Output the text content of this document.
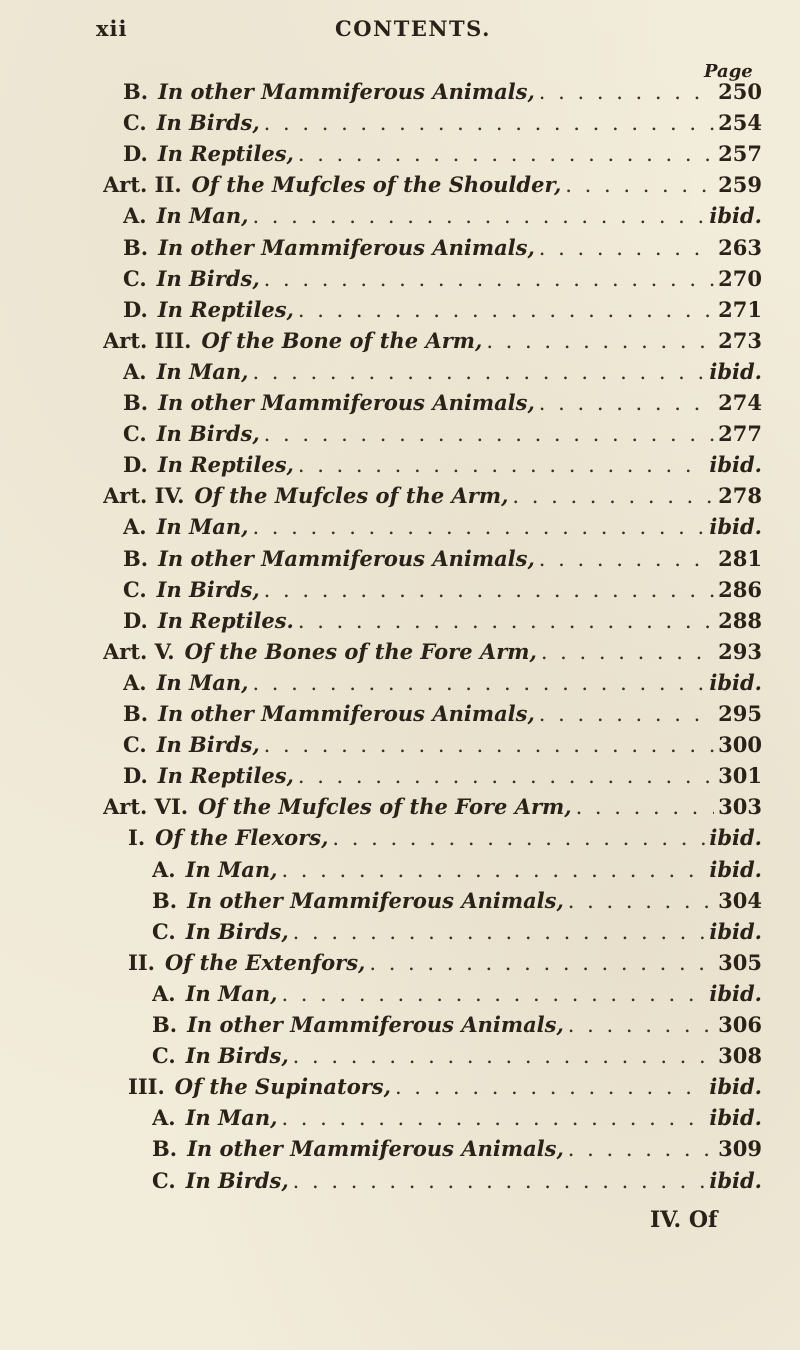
xii	CONTENTS.
Page
B. In other Mammiferous Animals, . . .	250
C. In Birds, . . .	254
D. In Reptiles, . . .	257
Art. II. Of the Mufcles of the Shoulder, . . .	259
A. In Man, . . .	ibid.
B. In other Mammiferous Animals, . . .	263
C. In Birds, . . .	270
D. In Reptiles, . . .	271
Art. III. Of the Bone of the Arm, . . .	273
A. In Man, . . .	ibid.
B. In other Mammiferous Animals, . . .	274
C. In Birds, . . .	277
D. In Reptiles, . . .	ibid.
Art. IV. Of the Mufcles of the Arm, . . .	278
A. In Man, . . .	ibid.
B. In other Mammiferous Animals, . . .	281
C. In Birds, . . .	286
D. In Reptiles. . . .	288
Art. V. Of the Bones of the Fore Arm, . . .	293
A. In Man, . . .	ibid.
B. In other Mammiferous Animals, . . .	295
C. In Birds, . . .	300
D. In Reptiles, . . .	301
Art. VI. Of the Mufcles of the Fore Arm, . . .	303
I. Of the Flexors, . . .	ibid.
A. In Man, . . .	ibid.
B. In other Mammiferous Animals, . . .	304
C. In Birds, . . .	ibid.
II. Of the Extenfors, . . .	305
A. In Man, . . .	ibid.
B. In other Mammiferous Animals, . . .	306
C. In Birds, . . .	308
III. Of the Supinators, . . .	ibid.
A. In Man, . . .	ibid.
B. In other Mammiferous Animals, . . .	309
C. In Birds, . . .	ibid.
IV. Of
